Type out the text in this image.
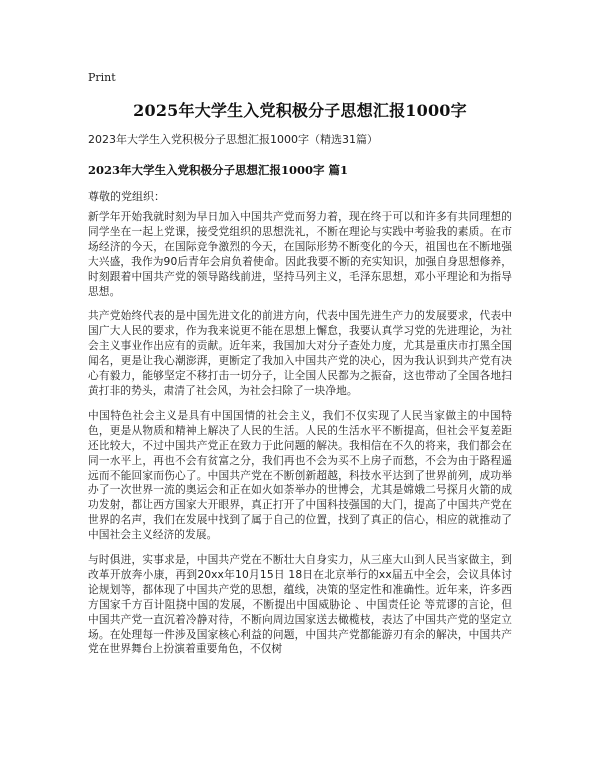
Print
2025年大学生入党积极分子思想汇报1000字
2023年大学生入党积极分子思想汇报1000字（精选31篇）
2023年大学生入党积极分子思想汇报1000字 篇1
尊敬的党组织：

新学年开始我就时刻为早日加入中国共产党而努力着，现在终于可以和许多有共同理想的同学坐在一起上党课，接受党组织的思想洗礼，不断在理论与实践中考验我的素质。在市场经济的今天，在国际竞争激烈的今天，在国际形势不断变化的今天，祖国也在不断地强大兴盛，我作为90后青年会肩负着使命。因此我要不断的充实知识，加强自身思想修养，时刻跟着中国共产党的领导路线前进，坚持马列主义，毛泽东思想，邓小平理论和为指导思想。

共产党始终代表的是中国先进文化的前进方向，代表中国先进生产力的发展要求，代表中国广大人民的要求，作为我来说更不能在思想上懈怠，我要认真学习党的先进理论，为社会主义事业作出应有的贡献。近年来，我国加大对分子查处力度，尤其是重庆市打黑全国闻名，更是让我心潮澎湃，更断定了我加入中国共产党的决心，因为我认识到共产党有决心有毅力，能够坚定不移打击一切分子，让全国人民都为之振奋，这也带动了全国各地扫黄打非的势头，肃清了社会风，为社会扫除了一块净地。

中国特色社会主义是具有中国国情的社会主义，我们不仅实现了人民当家做主的中国特色，更是从物质和精神上解决了人民的生活。人民的生活水平不断提高，但社会平复差距还比较大，不过中国共产党正在致力于此问题的解决。我相信在不久的将来，我们都会在同一水平上，再也不会有贫富之分，我们再也不会为买不上房子而愁，不会为由于路程遥远而不能回家而伤心了。中国共产党在不断创新超越，科技水平达到了世界前列，成功举办了一次世界一流的奥运会和正在如火如荼举办的世博会，尤其是嫦娥二号探月火箭的成功发射，都让西方国家大开眼界，真正打开了中国科技强国的大门，提高了中国共产党在世界的名声，我们在发展中找到了属于自己的位置，找到了真正的信心，相应的就推动了中国社会主义经济的发展。

与时俱进，实事求是，中国共产党在不断壮大自身实力，从三座大山到人民当家做主，到改革开放奔小康，再到20xx年10月15日 18日在北京举行的xx届五中全会，会议具体讨论规划等，都体现了中国共产党的思想，蕴线，决策的坚定性和准确性。近年来，许多西方国家千方百计阻挠中国的发展，不断提出中国威胁论 、中国责任论 等荒谬的言论，但中国共产党一直沉着冷静对待，不断向周边国家送去橄榄枝，表达了中国共产党的坚定立场。在处理每一件涉及国家核心利益的问题，中国共产党都能游刃有余的解决，中国共产党在世界舞台上扮演着重要角色，不仅树
